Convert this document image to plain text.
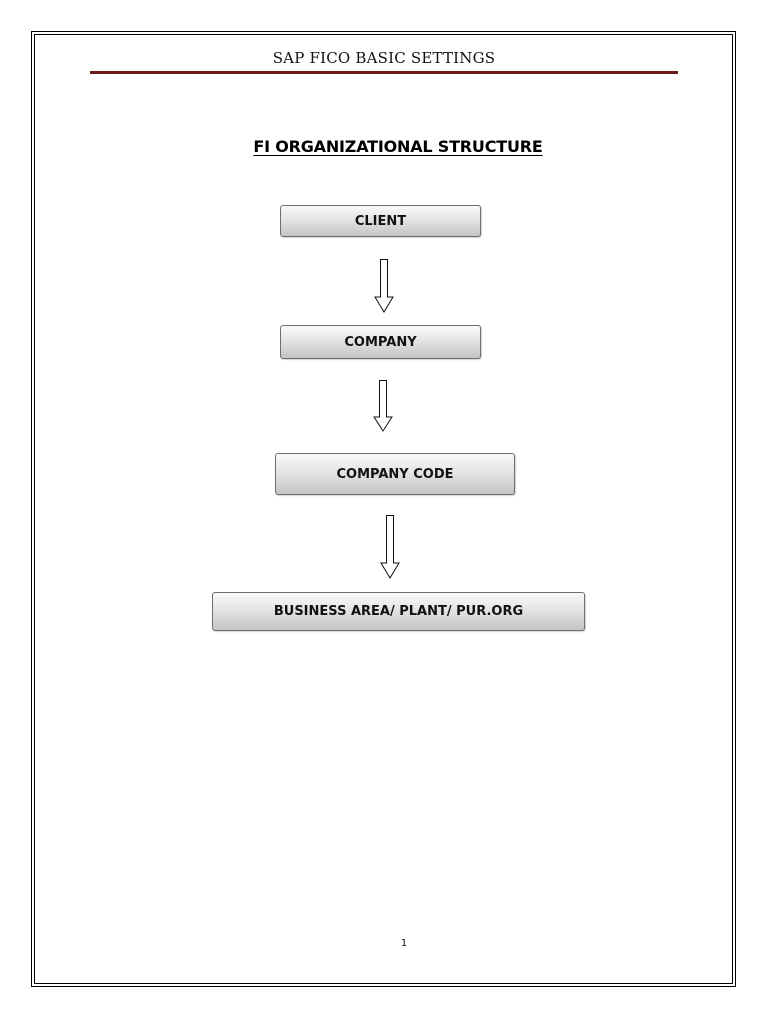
SAP FICO BASIC SETTINGS
FI ORGANIZATIONAL STRUCTURE
CLIENT
COMPANY
COMPANY CODE
BUSINESS AREA/ PLANT/ PUR.ORG
1
